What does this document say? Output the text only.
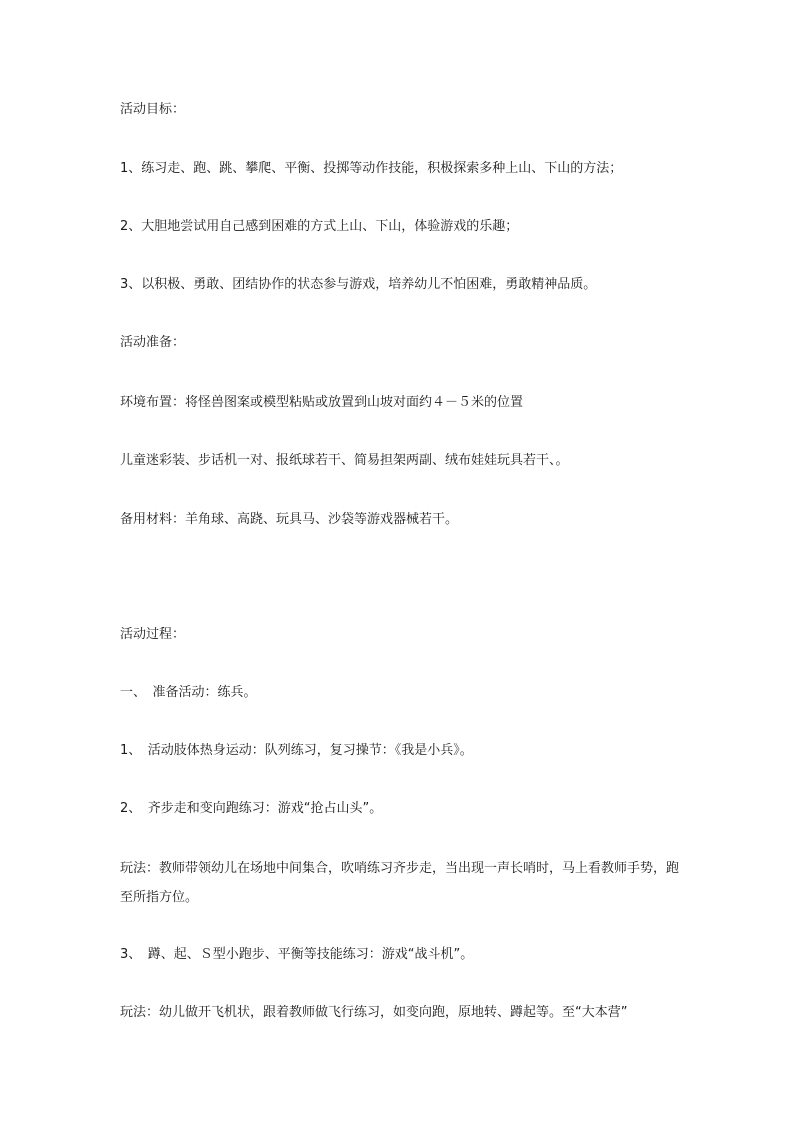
活动目标：
1、练习走、跑、跳、攀爬、平衡、投掷等动作技能，积极探索多种上山、下山的方法；
2、大胆地尝试用自己感到困难的方式上山、下山，体验游戏的乐趣；
3、以积极、勇敢、团结协作的状态参与游戏，培养幼儿不怕困难，勇敢精神品质。
活动准备：
环境布置：将怪兽图案或模型粘贴或放置到山坡对面约４－５米的位置
儿童迷彩装、步话机一对、报纸球若干、简易担架两副、绒布娃娃玩具若干、。
备用材料：羊角球、高跷、玩具马、沙袋等游戏器械若干。
活动过程：
一、　准备活动：练兵。
1、　活动肢体热身运动：队列练习，复习操节：《我是小兵》。
2、　齐步走和变向跑练习：游戏“抢占山头”。
玩法：教师带领幼儿在场地中间集合，吹哨练习齐步走，当出现一声长哨时，马上看教师手势，跑至所指方位。
3、　蹲、起、Ｓ型小跑步、平衡等技能练习：游戏“战斗机”。
玩法：幼儿做开飞机状，跟着教师做飞行练习，如变向跑，原地转、蹲起等。至“大本营”
